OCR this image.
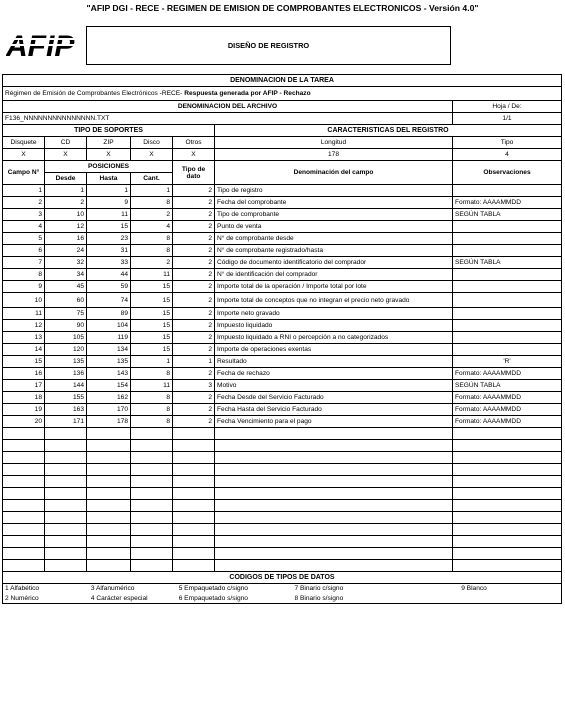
"AFIP DGI - RECE - REGIMEN DE EMISION DE COMPROBANTES ELECTRONICOS - Versión 4.0"
AFIP	DISEÑO DE REGISTRO
DENOMINACION DE LA TAREA						
Régimen de Emisión de Comprobantes Electrónicos -RECE- Respuesta generada por AFIP - Rechazo						
DENOMINACION DEL ARCHIVO						Hoja / De:
F136_NNNNNNNNNNNNNNN.TXT						1/1
TIPO DE SOPORTES					CARACTERISTICAS DEL REGISTRO	
Disquete	CD	ZIP	Disco	Otros	Longitud	Tipo
X	X	X	X	X	178	4
Campo N°	POSICIONES			Tipo de dato	Denominación del campo	Observaciones
	Desde	Hasta	Cant.			
1	1	1	1	2	Tipo de registro	
2	2	9	8	2	Fecha del comprobante	Formato: AAAAMMDD
3	10	11	2	2	Tipo de comprobante	SEGÚN TABLA
4	12	15	4	2	Punto de venta	
5	16	23	8	2	N° de comprobante desde	
6	24	31	8	2	N° de comprobante registrado/hasta	
7	32	33	2	2	Código de documento identificatorio del comprador	SEGÚN TABLA
8	34	44	11	2	N° de identificación del comprador	
9	45	59	15	2	Importe total de la operación / Importe total por lote	
10	60	74	15	2	Importe total de conceptos que no integran el precio neto gravado	
11	75	89	15	2	Importe neto gravado	
12	90	104	15	2	Impuesto liquidado	
13	105	119	15	2	Impuesto liquidado a RNI o percepción a no categorizados	
14	120	134	15	2	Importe de operaciones exentas	
15	135	135	1	1	Resultado	'R'
16	136	143	8	2	Fecha de rechazo	Formato: AAAAMMDD
17	144	154	11	3	Motivo	SEGÚN TABLA
18	155	162	8	2	Fecha Desde del Servicio Facturado	Formato: AAAAMMDD
19	163	170	8	2	Fecha Hasta del Servicio Facturado	Formato: AAAAMMDD
20	171	178	8	2	Fecha Vencimiento para el pago	Formato: AAAAMMDD

CODIGOS DE TIPOS DE DATOS						

1 Alfabético 3 Alfanumérico 5 Empaquetado c/signo 7 Binario c/signo 9 Blanco						

2 Numérico 4 Carácter especial 6 Empaquetado s/signo 8 Binario s/signo						
